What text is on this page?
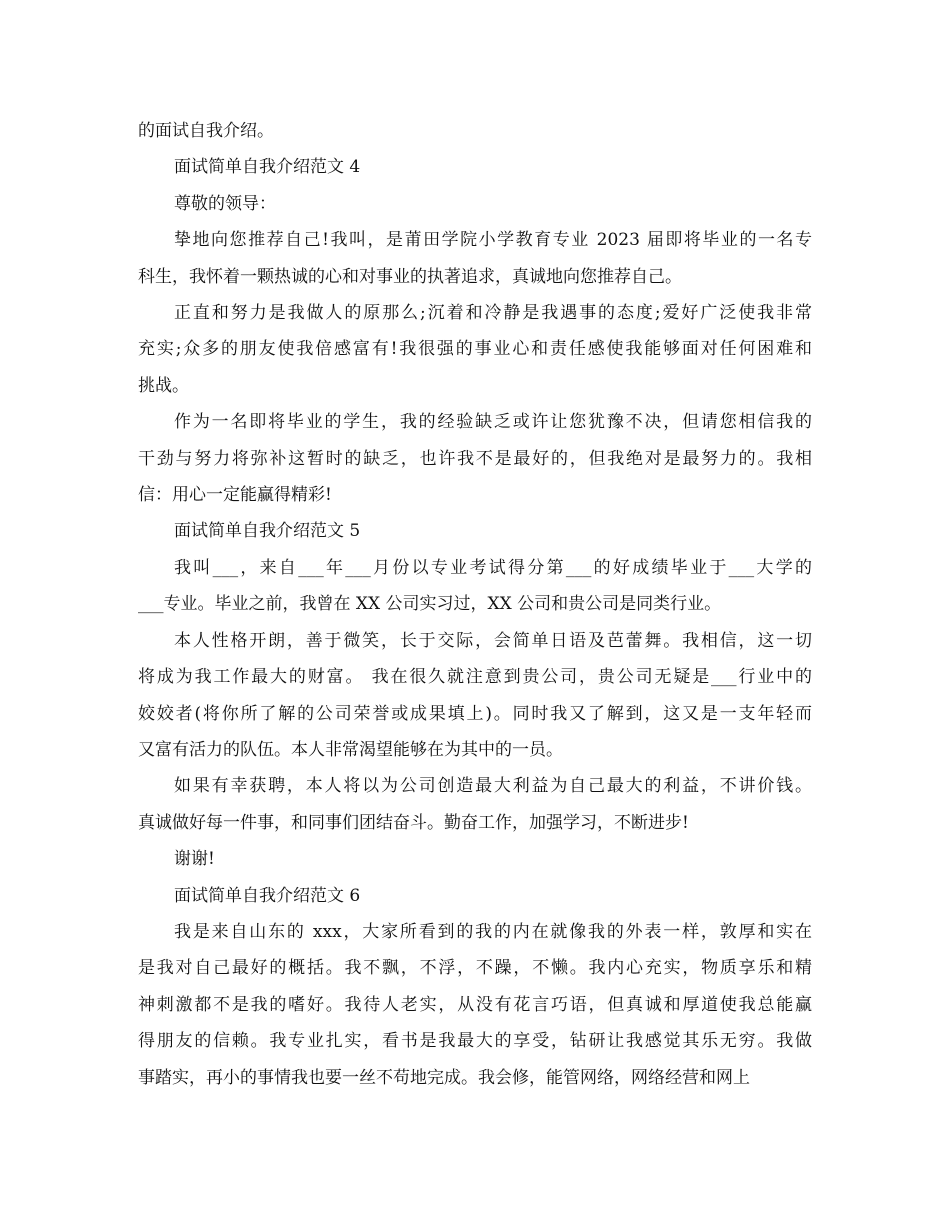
的面试自我介绍。
面试简单自我介绍范文 4
尊敬的领导：
挚地向您推荐自己!我叫，是莆田学院小学教育专业 2023 届即将毕业的一名专
科生，我怀着一颗热诚的心和对事业的执著追求，真诚地向您推荐自己。
正直和努力是我做人的原那么;沉着和冷静是我遇事的态度;爱好广泛使我非常
充实;众多的朋友使我倍感富有!我很强的事业心和责任感使我能够面对任何困难和
挑战。
作为一名即将毕业的学生，我的经验缺乏或许让您犹豫不决，但请您相信我的
干劲与努力将弥补这暂时的缺乏，也许我不是最好的，但我绝对是最努力的。我相
信：用心一定能赢得精彩!
面试简单自我介绍范文 5
我叫___，来自___年___月份以专业考试得分第___的好成绩毕业于___大学的
___专业。毕业之前，我曾在 XX 公司实习过，XX 公司和贵公司是同类行业。
本人性格开朗，善于微笑，长于交际，会简单日语及芭蕾舞。我相信，这一切
将成为我工作最大的财富。 我在很久就注意到贵公司，贵公司无疑是___行业中的
姣姣者(将你所了解的公司荣誉或成果填上)。同时我又了解到，这又是一支年轻而
又富有活力的队伍。本人非常渴望能够在为其中的一员。
如果有幸获聘，本人将以为公司创造最大利益为自己最大的利益，不讲价钱。
真诚做好每一件事，和同事们团结奋斗。勤奋工作，加强学习，不断进步!
谢谢!
面试简单自我介绍范文 6
我是来自山东的 xxx，大家所看到的我的内在就像我的外表一样，敦厚和实在
是我对自己最好的概括。我不飘，不浮，不躁，不懒。我内心充实，物质享乐和精
神刺激都不是我的嗜好。我待人老实，从没有花言巧语，但真诚和厚道使我总能赢
得朋友的信赖。我专业扎实，看书是我最大的享受，钻研让我感觉其乐无穷。我做
事踏实，再小的事情我也要一丝不苟地完成。我会修，能管网络，网络经营和网上
